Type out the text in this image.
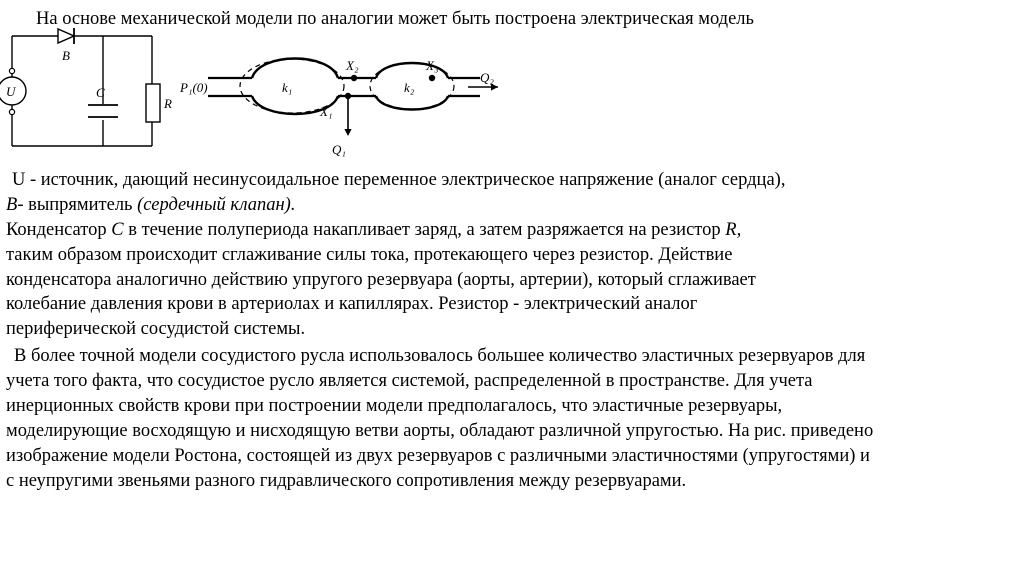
На основе механической модели по аналогии может быть построена электрическая модель
U
B
C
R
P₁(0)	k₁	k₂
X₂	X₃
X₁
Q₁
Q₂

U - источник, дающий несинусоидальное переменное электрическое напряжение (аналог сердца),
B- выпрямитель (сердечный клапан).
Конденсатор C в течение полупериода накапливает заряд, а затем разряжается на резистор R,
таким образом происходит сглаживание силы тока, протекающего через резистор. Действие
конденсатора аналогично действию упругого резервуара (аорты, артерии), который сглаживает
колебание давления крови в артериолах и капиллярах. Резистор - электрический аналог
периферической сосудистой системы.

В более точной модели сосудистого русла использовалось большее количество эластичных резервуаров для
учета того факта, что сосудистое русло является системой, распределенной в пространстве. Для учета
инерционных свойств крови при построении модели предполагалось, что эластичные резервуары,
моделирующие восходящую и нисходящую ветви аорты, обладают различной упругостью. На рис. приведено
изображение модели Ростона, состоящей из двух резервуаров с различными эластичностями (упругостями) и
с неупругими звеньями разного гидравлического сопротивления между резервуарами.
